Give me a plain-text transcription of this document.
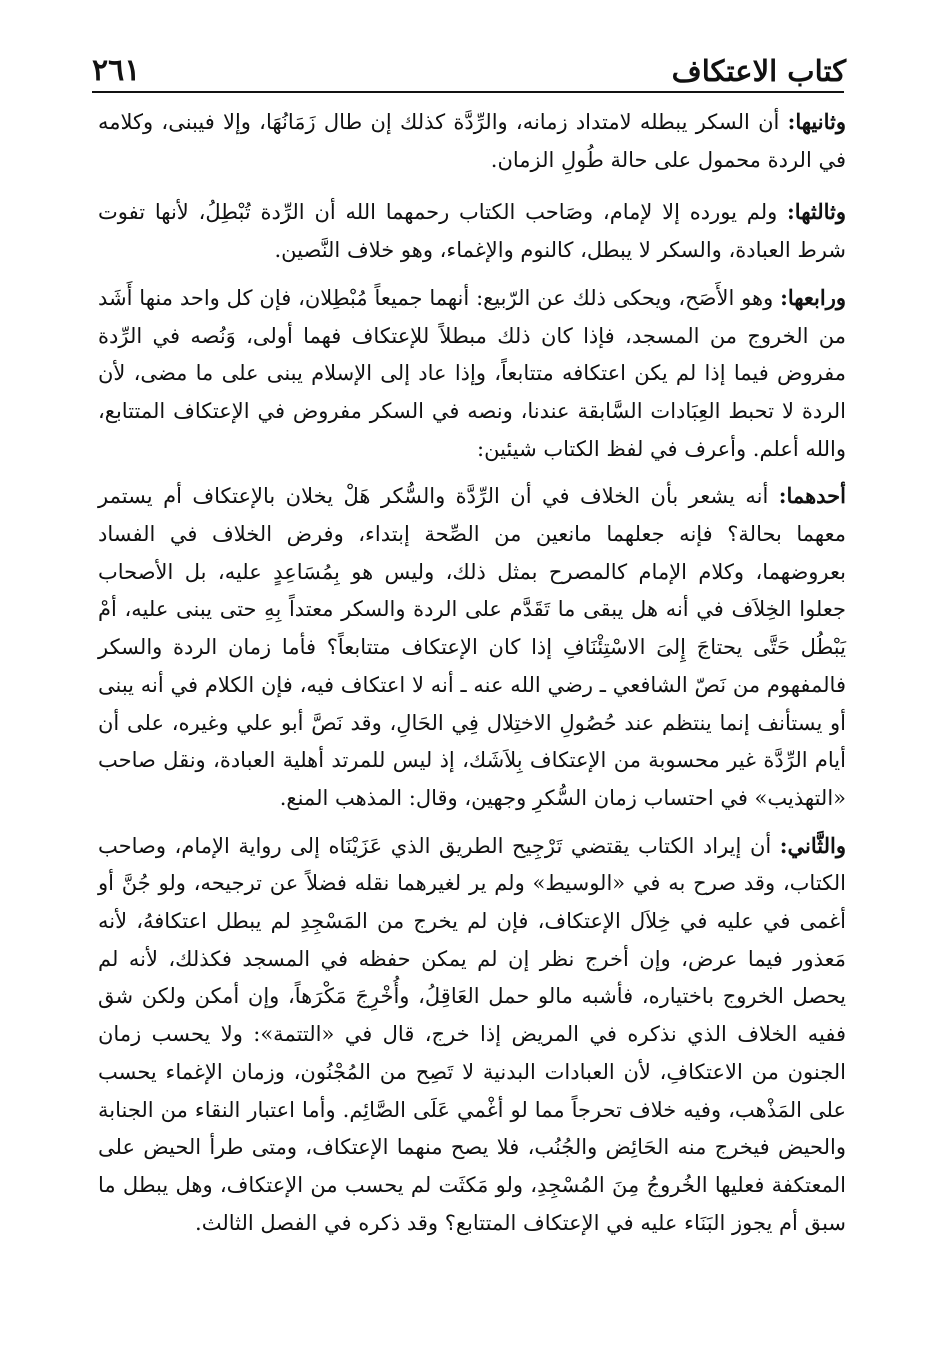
كتاب الاعتكاف
٢٦١

وثانيها: أن السكر يبطله لامتداد زمانه، والرِّدَّة كذلك إن طال زَمَانُهَا، وإلا فيبنى، وكلامه في الردة محمول على حالة طُولِ الزمان.

وثالثها: ولم يورده إلا لإمام، وصَاحب الكتاب رحمهما الله أن الرِّدة تُبْطِلُ، لأنها تفوت شرط العبادة، والسكر لا يبطل، كالنوم والإغماء، وهو خلاف النَّصين.

ورابعها: وهو الأَصَح، ويحكى ذلك عن الرّبيع: أنهما جميعاً مُبْطِلان، فإن كل واحد منها أَشَد من الخروج من المسجد، فإذا كان ذلك مبطلاً للإعتكاف فهما أولى، وَنُصه في الرِّدة مفروض فيما إذا لم يكن اعتكافه متتابعاً، وإذا عاد إلى الإسلام يبنى على ما مضى، لأن الردة لا تحبط العِبَادات السَّابقة عندنا، ونصه في السكر مفروض في الإعتكاف المتتابع، والله أعلم. وأعرف في لفظ الكتاب شيئين:

أحدهما: أنه يشعر بأن الخلاف في أن الرِّدَّة والسُّكر هَلْ يخلان بالإعتكاف أم يستمر معهما بحالة؟ فإنه جعلهما مانعين من الصِّحة إبتداء، وفرض الخلاف في الفساد بعروضهما، وكلام الإمام كالمصرح بمثل ذلك، وليس هو بِمُسَاعِدٍ عليه، بل الأصحاب جعلوا الخِلاَف في أنه هل يبقى ما تَقَدَّم على الردة والسكر معتداً بِهِ حتى يبنى عليه، أمْ يَبْطُل حَتَّى يحتاجَ إِلىَ الاسْتِئْنَافِ إذا كان الإعتكاف متتابعاً؟ فأما زمان الردة والسكر فالمفهوم من نَصّ الشافعي ـ رضي الله عنه ـ أنه لا اعتكاف فيه، فإن الكلام في أنه يبنى أو يستأنف إنما ينتظم عند حُصُولِ الاختِلال فِي الحَالِ، وقد نَصَّ أبو علي وغيره، على أن أيام الرِّدَّة غير محسوبة من الإعتكاف بِلاَشَك، إذ ليس للمرتد أهلية العبادة، ونقل صاحب «التهذيب» في احتساب زمان السُّكرِ وجهين، وقال: المذهب المنع.

والثَّاني: أن إيراد الكتاب يقتضي تَرْجِيح الطريق الذي عَزَيْنَاه إلى رواية الإمام، وصاحب الكتاب، وقد صرح به في «الوسيط» ولم ير لغيرهما نقله فضلاً عن ترجيحه، ولو جُنَّ أو أغمى في عليه في خِلاَل الإعتكاف، فإن لم يخرج من المَسْجِدِ لم يبطل اعتكافهُ، لأنه مَعذور فيما عرض، وإن أخرج نظر إن لم يمكن حفظه في المسجد فكذلك، لأنه لم يحصل الخروج باختياره، فأشبه مالو حمل العَاقِلُ، وأُخْرِجَ مَكْرَهاً، وإن أمكن ولكن شق ففيه الخلاف الذي نذكره في المريض إذا خرج، قال في «التتمة»: ولا يحسب زمان الجنون من الاعتكافِ، لأن العبادات البدنية لا تَصِح من المُجْنُون، وزمان الإغماء يحسب على المَذْهب، وفيه خلاف تحرجاً مما لو أغْمي عَلَى الصَّائِم. وأما اعتبار النقاء من الجنابة والحيض فيخرج منه الحَائِض والجُنُب، فلا يصح منهما الإعتكاف، ومتى طرأ الحيض على المعتكفة فعليها الخُروجُ مِنَ المُسْجِدِ، ولو مَكثَت لم يحسب من الإعتكاف، وهل يبطل ما سبق أم يجوز البَنَاء عليه في الإعتكاف المتتابع؟ وقد ذكره في الفصل الثالث.
